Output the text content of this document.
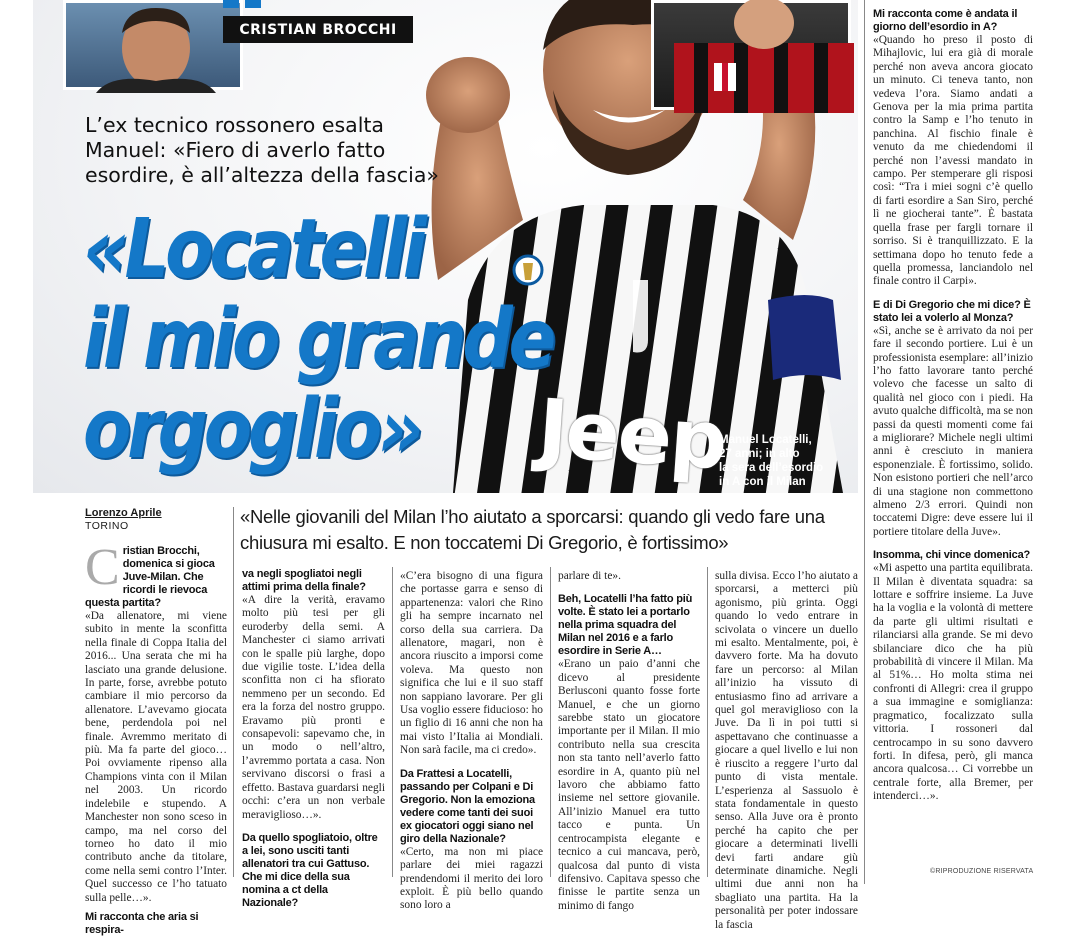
Jeep
CRISTIAN BROCCHI
L’ex tecnico rossonero esalta
Manuel: «Fiero di averlo fatto
esordire, è all’altezza della fascia»
«Locatelli
il mio grande
orgoglio»	Manuel Locatelli,
27 anni; in alto
la sera dell’esordio
in A con il Milan
Lorenzo Aprile
TORINO	«Nelle giovanili del Milan l’ho aiutato a sporcarsi: quando gli vedo fare una chiusura mi esalto. E non toccatemi Di Gregorio, è fortissimo»
C ristian Brocchi, domenica si gioca Juve-Milan. Che ricordi le rievoca questa partita?

«Da allenatore, mi viene subito in mente la sconfitta nella finale di Coppa Italia del 2016... Una serata che mi ha lasciato una grande delusione. In parte, forse, avrebbe potuto cambiare il mio percorso da allenatore. L’avevamo giocata bene, perdendola poi nel finale. Avremmo meritato di più. Ma fa parte del gioco… Poi ovviamente ripenso alla Champions vinta con il Milan nel 2003. Un ricordo indelebile e stupendo. A Manchester non sono sceso in campo, ma nel corso del torneo ho dato il mio contributo anche da titolare, come nella semi contro l’Inter. Quel successo ce l’ho tatuato sulla pelle…».

Mi racconta che aria si respira-

va negli spogliatoi negli attimi prima della finale?

«A dire la verità, eravamo molto più tesi per gli euroderby della semi. A Manchester ci siamo arrivati con le spalle più larghe, dopo due vigilie toste. L’idea della sconfitta non ci ha sfiorato nemmeno per un secondo. Ed era la forza del nostro gruppo. Eravamo più pronti e consapevoli: sapevamo che, in un modo o nell’altro, l’avremmo portata a casa. Non servivano discorsi o frasi a effetto. Bastava guardarsi negli occhi: c’era un non verbale meraviglioso…».

Da quello spogliatoio, oltre a lei, sono usciti tanti allenatori tra cui Gattuso. Che mi dice della sua nomina a ct della Nazionale?

«C’era bisogno di una figura che portasse garra e senso di appartenenza: valori che Rino gli ha sempre incarnato nel corso della sua carriera. Da allenatore, magari, non è ancora riuscito a imporsi come voleva. Ma questo non significa che lui e il suo staff non sappiano lavorare. Per gli Usa voglio essere fiducioso: ho un figlio di 16 anni che non ha mai visto l’Italia ai Mondiali. Non sarà facile, ma ci credo».

Da Frattesi a Locatelli, passando per Colpani e Di Gregorio. Non la emoziona vedere come tanti dei suoi ex giocatori oggi siano nel giro della Nazionale?

«Certo, ma non mi piace parlare dei miei ragazzi prendendomi il merito dei loro exploit. È più bello quando sono loro a

parlare di te».

Beh, Locatelli l’ha fatto più volte. È stato lei a portarlo nella prima squadra del Milan nel 2016 e a farlo esordire in Serie A…

«Erano un paio d’anni che dicevo al presidente Berlusconi quanto fosse forte Manuel, e che un giorno sarebbe stato un giocatore importante per il Milan. Il mio contributo nella sua crescita non sta tanto nell’averlo fatto esordire in A, quanto più nel lavoro che abbiamo fatto insieme nel settore giovanile. All’inizio Manuel era tutto tacco e punta. Un centrocampista elegante e tecnico a cui mancava, però, qualcosa dal punto di vista difensivo. Capitava spesso che finisse le partite senza un minimo di fango

sulla divisa. Ecco l’ho aiutato a sporcarsi, a metterci più agonismo, più grinta. Oggi quando lo vedo entrare in scivolata o vincere un duello mi esalto. Mentalmente, poi, è davvero forte. Ma ha dovuto fare un percorso: al Milan all’inizio ha vissuto di entusiasmo fino ad arrivare a quel gol meraviglioso con la Juve. Da lì in poi tutti si aspettavano che continuasse a giocare a quel livello e lui non è riuscito a reggere l’urto dal punto di vista mentale. L’esperienza al Sassuolo è stata fondamentale in questo senso. Alla Juve ora è pronto perché ha capito che per giocare a determinati livelli devi farti andare giù determinate dinamiche. Negli ultimi due anni non ha sbagliato una partita. Ha la personalità per poter indossare la fascia

Mi racconta come è andata il giorno dell’esordio in A?

«Quando ho preso il posto di Mihajlovic, lui era già di morale perché non aveva ancora giocato un minuto. Ci teneva tanto, non vedeva l’ora. Siamo andati a Genova per la mia prima partita contro la Samp e l’ho tenuto in panchina. Al fischio finale è venuto da me chiedendomi il perché non l’avessi mandato in campo. Per stemperare gli risposi così: “Tra i miei sogni c’è quello di farti esordire a San Siro, perché lì ne giocherai tante”. È bastata quella frase per fargli tornare il sorriso. Si è tranquillizzato. E la settimana dopo ho tenuto fede a quella promessa, lanciandolo nel finale contro il Carpi».

E di Di Gregorio che mi dice? È stato lei a volerlo al Monza?

«Sì, anche se è arrivato da noi per fare il secondo portiere. Lui è un professionista esemplare: all’inizio l’ho fatto lavorare tanto perché volevo che facesse un salto di qualità nel gioco con i piedi. Ha avuto qualche difficoltà, ma se non passi da questi momenti come fai a migliorare? Michele negli ultimi anni è cresciuto in maniera esponenziale. È fortissimo, solido. Non esistono portieri che nell’arco di una stagione non commettono almeno 2/3 errori. Quindi non toccatemi Digre: deve essere lui il portiere titolare della Juve».

Insomma, chi vince domenica?

«Mi aspetto una partita equilibrata. Il Milan è diventata squadra: sa lottare e soffrire insieme. La Juve ha la voglia e la volontà di mettere da parte gli ultimi risultati e rilanciarsi alla grande. Se mi devo sbilanciare dico che ha più probabilità di vincere il Milan. Ma al 51%… Ho molta stima nei confronti di Allegri: crea il gruppo a sua immagine e somiglianza: pragmatico, focalizzato sulla vittoria. I rossoneri dal centrocampo in su sono davvero forti. In difesa, però, gli manca ancora qualcosa… Ci vorrebbe un centrale forte, alla Bremer, per intenderci…».

©RIPRODUZIONE RISERVATA
